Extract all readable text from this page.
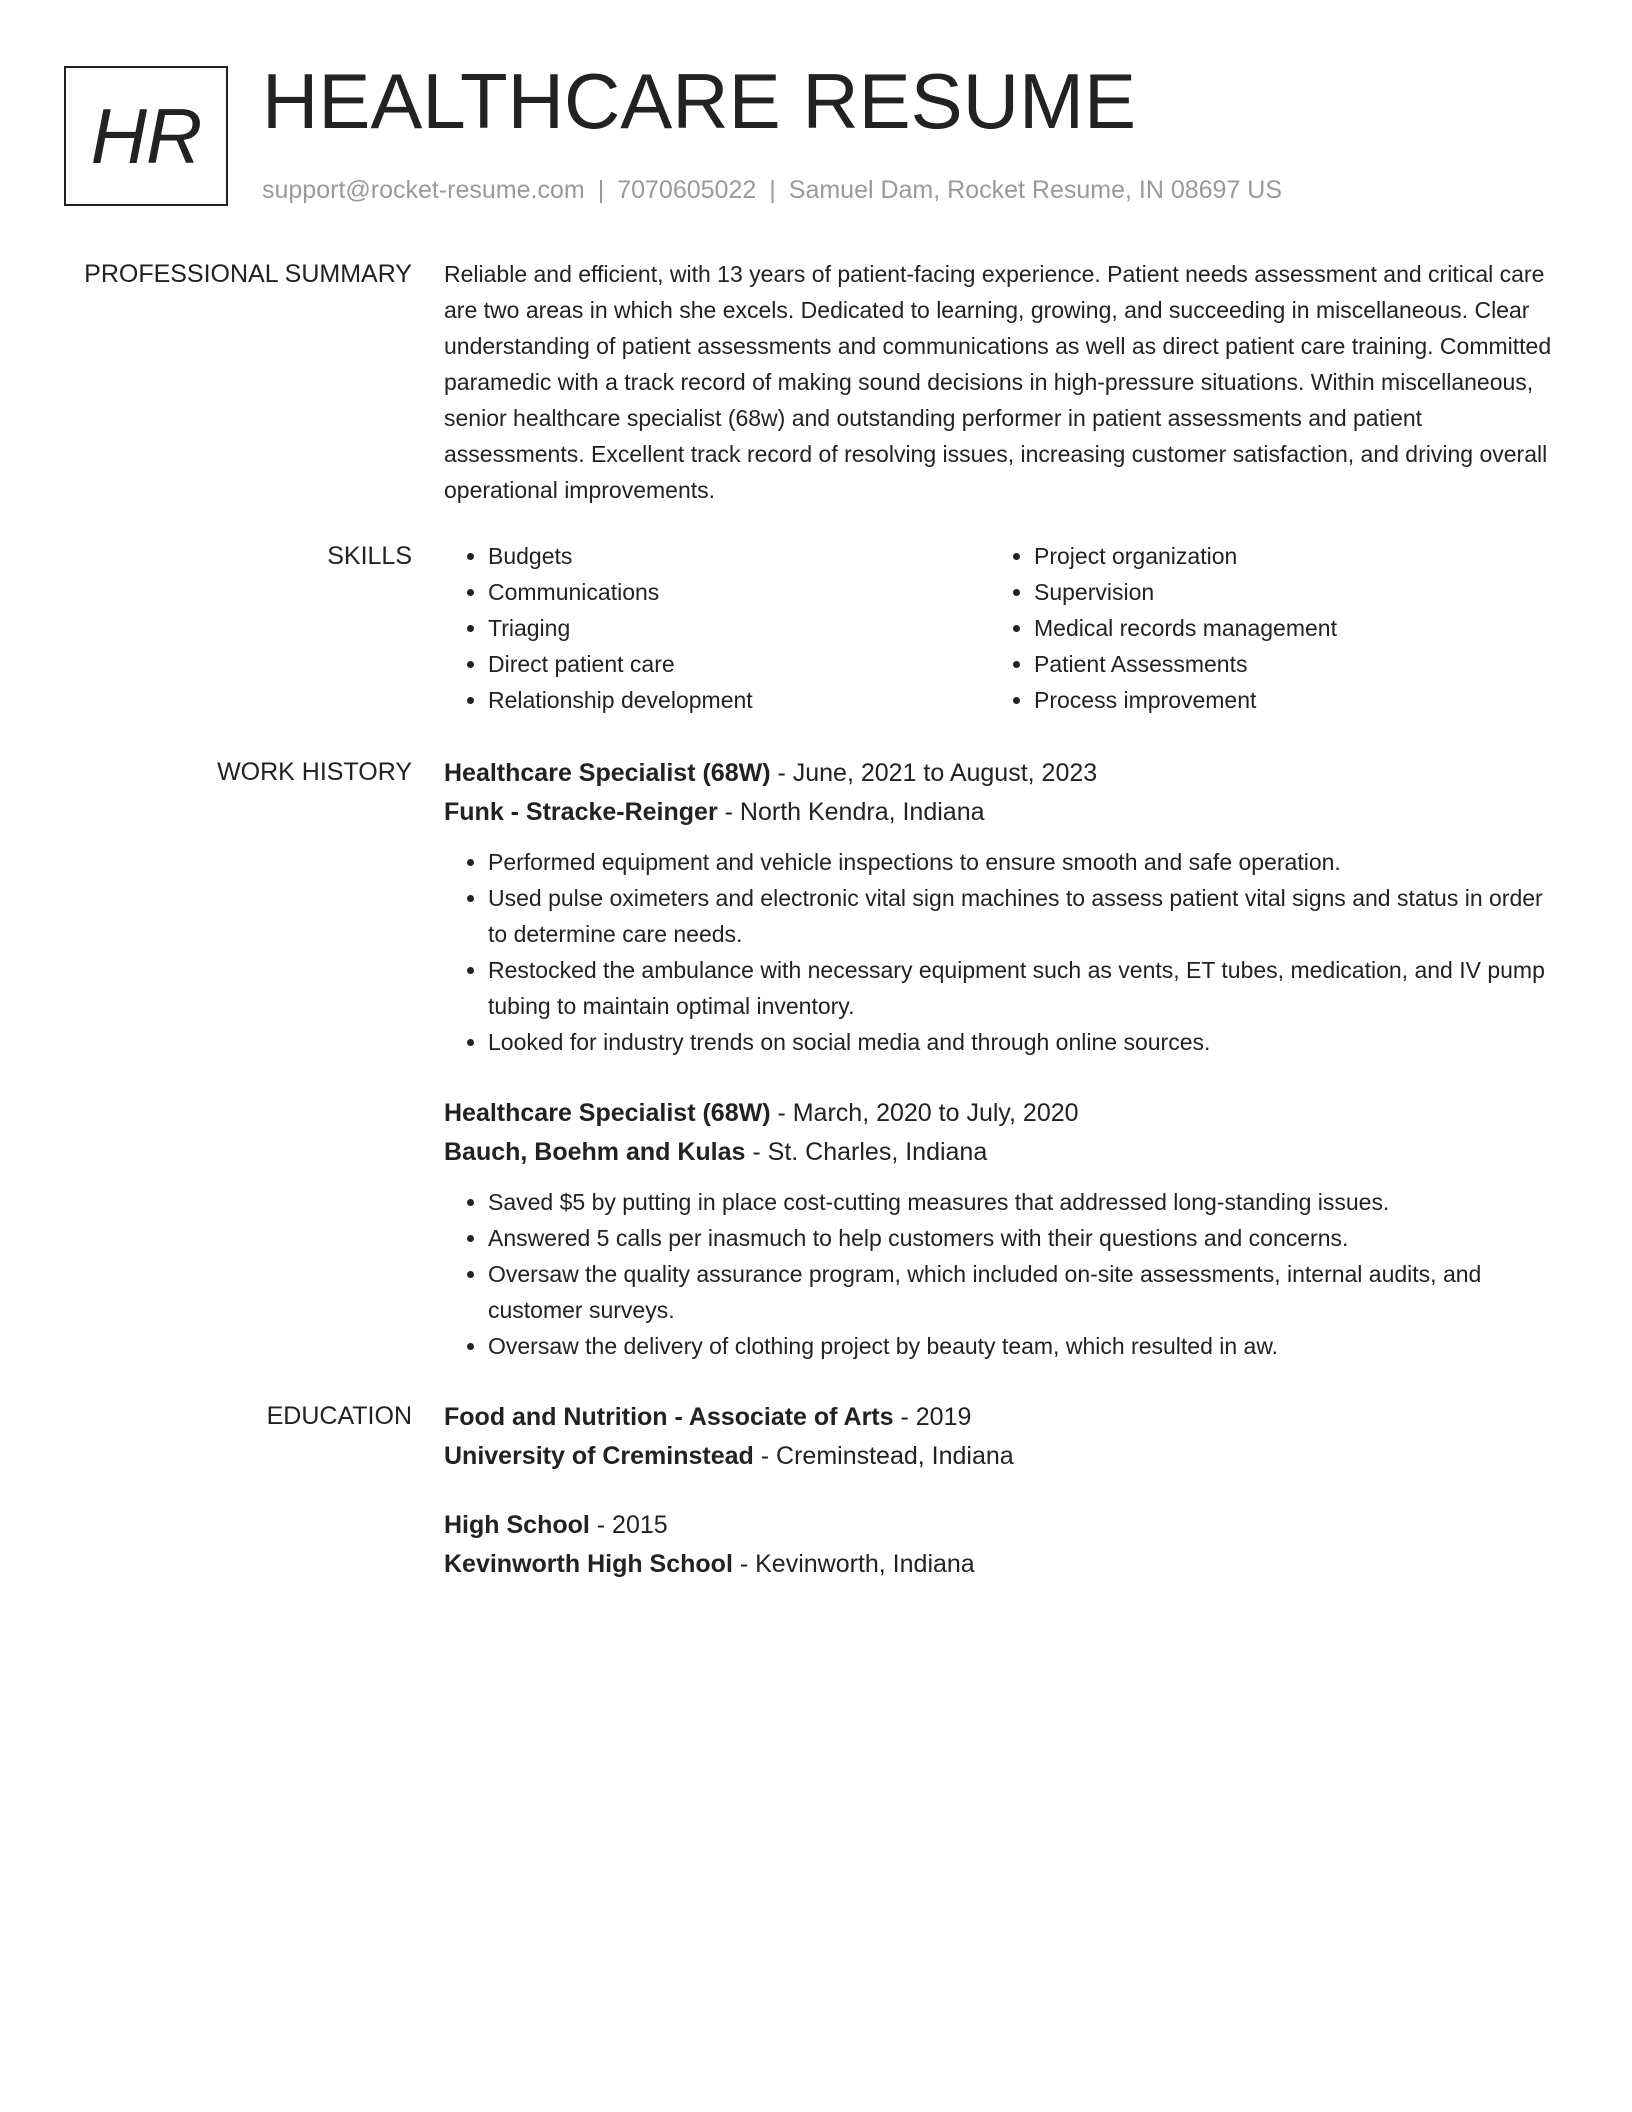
HR HEALTHCARE RESUME
support@rocket-resume.com | 7070605022 | Samuel Dam, Rocket Resume, IN 08697 US
PROFESSIONAL SUMMARY Reliable and efficient, with 13 years of patient-facing experience. Patient needs assessment and critical care are two areas in which she excels. Dedicated to learning, growing, and succeeding in miscellaneous. Clear understanding of patient assessments and communications as well as direct patient care training. Committed paramedic with a track record of making sound decisions in high-pressure situations. Within miscellaneous, senior healthcare specialist (68w) and outstanding performer in patient assessments and patient assessments. Excellent track record of resolving issues, increasing customer satisfaction, and driving overall operational improvements.

SKILLS
•	Budgets
• Communications
• Triaging
• Direct patient care
• Relationship development
• Project organization
• Supervision
• Medical records management
• Patient Assessments
• Process improvement
WORK HISTORY Healthcare Specialist (68W) - June, 2021 to August, 2023

Funk - Stracke-Reinger - North Kendra, Indiana

• Performed equipment and vehicle inspections to ensure smooth and safe operation.
• Used pulse oximeters and electronic vital sign machines to assess patient vital signs and status in order to determine care needs.
• Restocked the ambulance with necessary equipment such as vents, ET tubes, medication, and IV pump tubing to maintain optimal inventory.
• Looked for industry trends on social media and through online sources.

Healthcare Specialist (68W) - March, 2020 to July, 2020

Bauch, Boehm and Kulas - St. Charles, Indiana

• Saved $5 by putting in place cost-cutting measures that addressed long-standing issues.
• Answered 5 calls per inasmuch to help customers with their questions and concerns.
• Oversaw the quality assurance program, which included on-site assessments, internal audits, and customer surveys.
• Oversaw the delivery of clothing project by beauty team, which resulted in aw.
EDUCATION Food and Nutrition - Associate of Arts - 2019

University of Creminstead - Creminstead, Indiana

High School - 2015

Kevinworth High School - Kevinworth, Indiana
